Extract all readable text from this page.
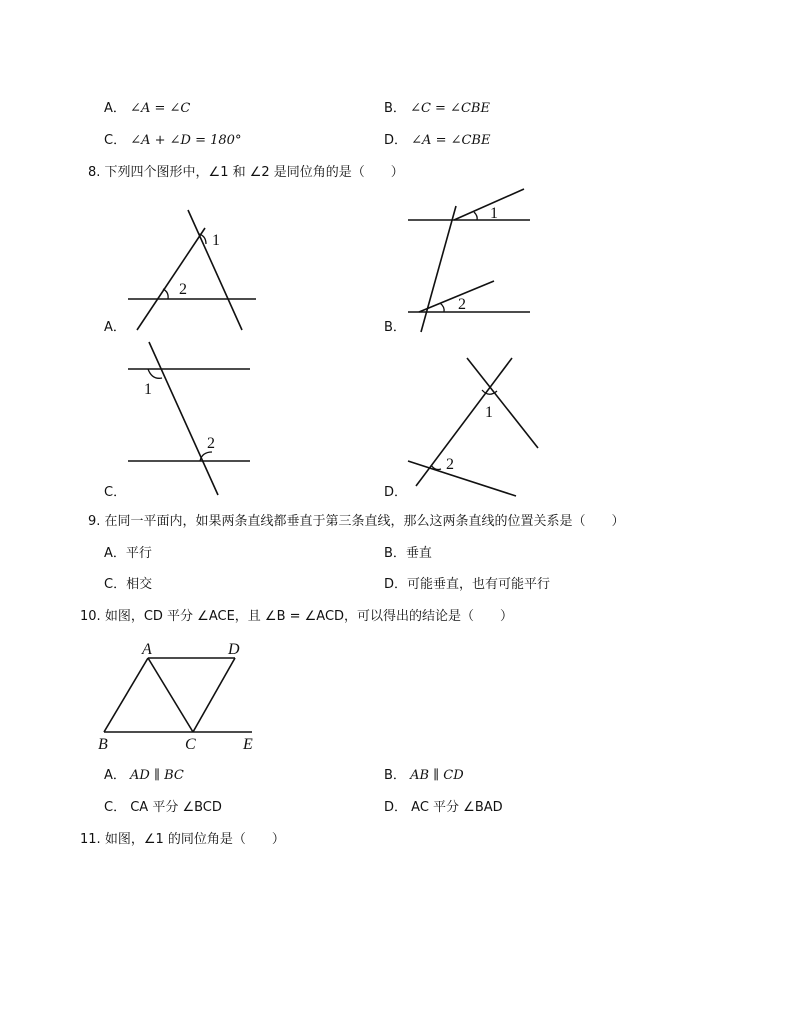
A． ∠A = ∠C	B． ∠C = ∠CBE
C． ∠A + ∠D = 180°	D． ∠A = ∠CBE
8. 下列四个图形中，∠1 和 ∠2 是同位角的是（　　）
1
2
1
2
1
2
1
2
A	D
B	C	E
A．	B．
C．	D．
9. 在同一平面内，如果两条直线都垂直于第三条直线，那么这两条直线的位置关系是（　　）
A．平行	B．垂直
C．相交	D．可能垂直，也有可能平行
10. 如图，CD 平分 ∠ACE，且 ∠B = ∠ACD，可以得出的结论是（　　）
A． AD ∥ BC	B． AB ∥ CD
C． CA 平分 ∠BCD	D． AC 平分 ∠BAD
11. 如图，∠1 的同位角是（　　）
